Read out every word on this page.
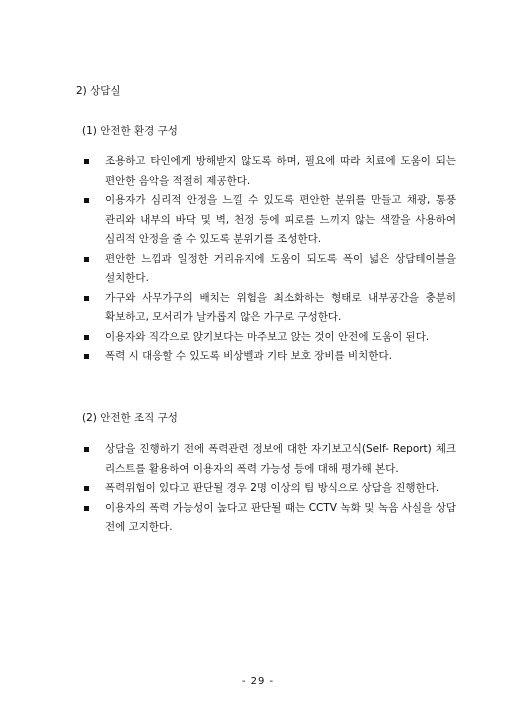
2) 상담실
(1) 안전한 환경 구성
조용하고 타인에게 방해받지 않도록 하며, 필요에 따라 치료에 도움이 되는 편안한 음악을 적절히 제공한다.
이용자가 심리적 안정을 느낄 수 있도록 편안한 분위를 만들고 채광, 통풍 관리와 내부의 바닥 및 벽, 천정 등에 피로를 느끼지 않는 색깔을 사용하여 심리적 안정을 줄 수 있도록 분위기를 조성한다.
편안한 느낌과 일정한 거리유지에 도움이 되도록 폭이 넓은 상담테이블을 설치한다.
가구와 사무가구의 배치는 위험을 최소화하는 형태로 내부공간을 충분히 확보하고, 모서리가 날카롭지 않은 가구로 구성한다.
이용자와 직각으로 앉기보다는 마주보고 앉는 것이 안전에 도움이 된다.
폭력 시 대응할 수 있도록 비상벨과 기타 보호 장비를 비치한다.
(2) 안전한 조직 구성
상담을 진행하기 전에 폭력관련 정보에 대한 자기보고식(Self- Report) 체크 리스트를 활용하여 이용자의 폭력 가능성 등에 대해 평가해 본다.
폭력위험이 있다고 판단될 경우 2명 이상의 팀 방식으로 상담을 진행한다.
이용자의 폭력 가능성이 높다고 판단될 때는 CCTV 녹화 및 녹음 사실을 상담 전에 고지한다.
- 29 -
